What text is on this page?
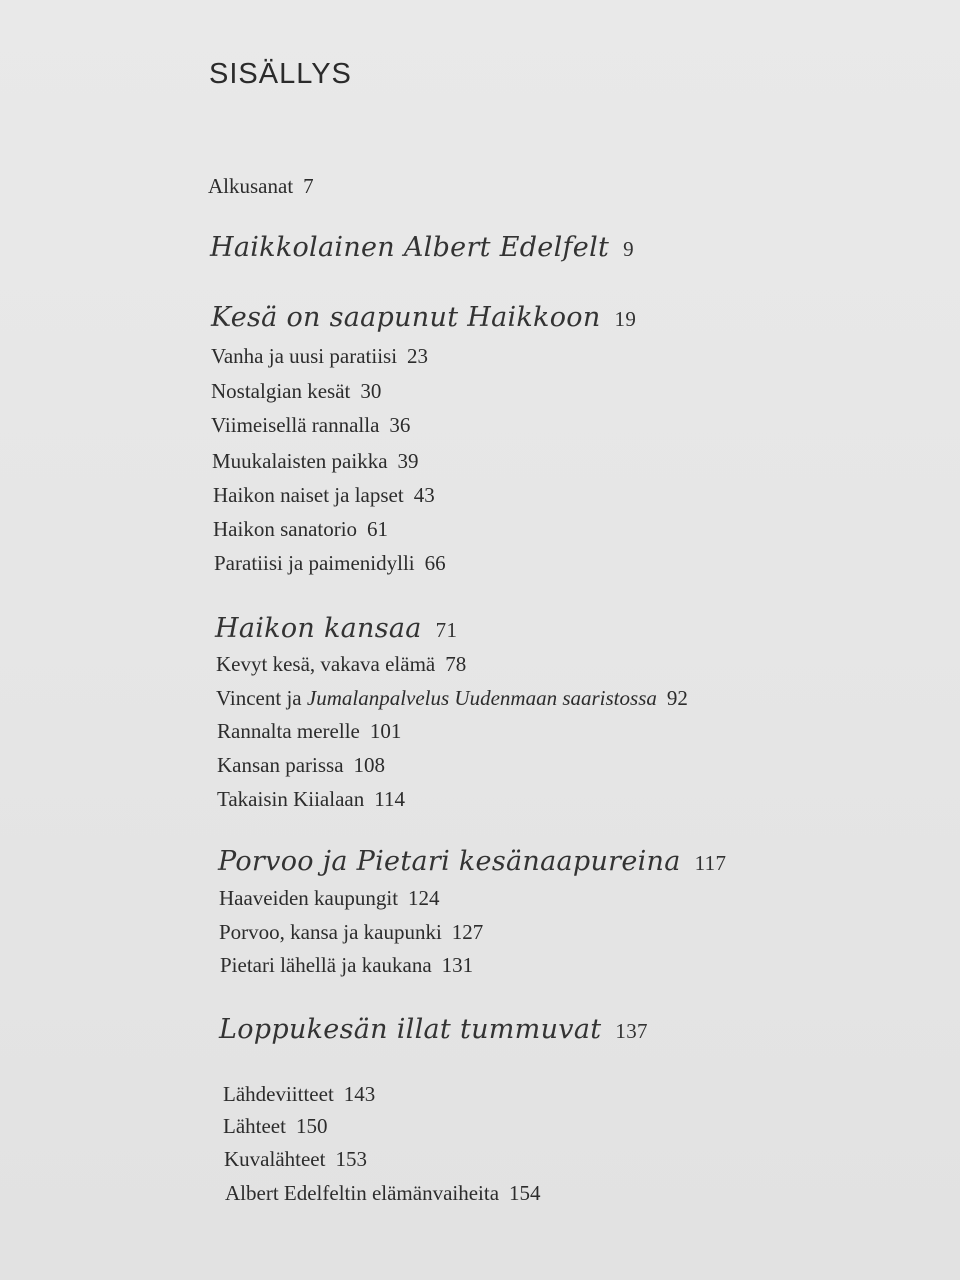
SISÄLLYS
Alkusanat 7
Haikkolainen Albert Edelfelt 9
Kesä on saapunut Haikkoon 19
Vanha ja uusi paratiisi 23
Nostalgian kesät 30
Viimeisellä rannalla 36
Muukalaisten paikka 39
Haikon naiset ja lapset 43
Haikon sanatorio 61
Paratiisi ja paimenidylli 66
Haikon kansaa 71
Kevyt kesä, vakava elämä 78
Vincent ja Jumalanpalvelus Uudenmaan saaristossa 92
Rannalta merelle 101
Kansan parissa 108
Takaisin Kiialaan 114
Porvoo ja Pietari kesänaapureina 117
Haaveiden kaupungit 124
Porvoo, kansa ja kaupunki 127
Pietari lähellä ja kaukana 131
Loppukesän illat tummuvat 137
Lähdeviitteet 143
Lähteet 150
Kuvalähteet 153
Albert Edelfeltin elämänvaiheita 154
